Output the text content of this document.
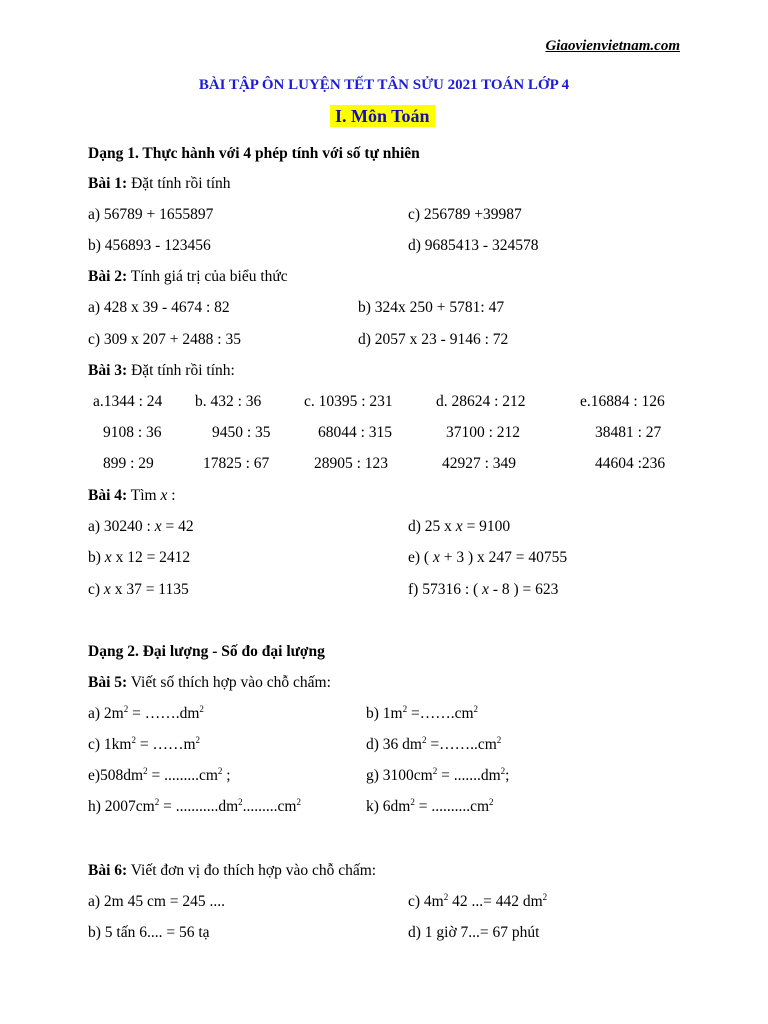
Giaovienvietnam.com
BÀI TẬP ÔN LUYỆN TẾT TÂN SỬU 2021 TOÁN LỚP 4
I. Môn Toán
Dạng 1. Thực hành với 4 phép tính với số tự nhiên
Bài 1: Đặt tính rồi tính
a) 56789 + 1655897	c) 256789 +39987
b) 456893 - 123456	d) 9685413 - 324578
Bài 2: Tính giá trị của biểu thức
a) 428 x 39 - 4674 : 82	b) 324x 250 + 5781: 47
c) 309 x 207 + 2488 : 35	d) 2057 x 23 - 9146 : 72
Bài 3: Đặt tính rồi tính:
a.1344 : 24 b. 432 : 36	c. 10395 : 231	d. 28624 : 212	e.16884 : 126
9108 : 36	9450 : 35	68044 : 315	37100 : 212	38481 : 27
899 : 29	17825 : 67	28905 : 123	42927 : 349	44604 :236
Bài 4: Tìm x :
a) 30240 : x = 42	d) 25 x x = 9100
b) x x 12 = 2412	e) ( x + 3 ) x 247 = 40755
c) x x 37 = 1135	f) 57316 : ( x - 8 ) = 623
Dạng 2. Đại lượng - Số đo đại lượng
Bài 5: Viết số thích hợp vào chỗ chấm:
a) $2m^2$ = $\dots\dots.dm^2$	b) $1m^2$ $=\dots\dots.cm^2$
c) $1km^2$ = $\dots\dots m^2$	d) 36 $dm^2$ $=\dots\dots..cm^2$
$e)508dm^2 = .........cm^2$ ;	g) $3100cm^2 = .......dm^2$;
h) $2007cm^2 = ...........dm^2.........cm^2$	k) $6dm^2 = ..........cm^2$
Bài 6: Viết đơn vị đo thích hợp vào chỗ chấm:
a) 2m 45 cm = 245 ....	c) $4m^2$ 42 ...= 442 $dm^2$
b) 5 tấn 6.... = 56 tạ	d) 1 giờ 7...= 67 phút
